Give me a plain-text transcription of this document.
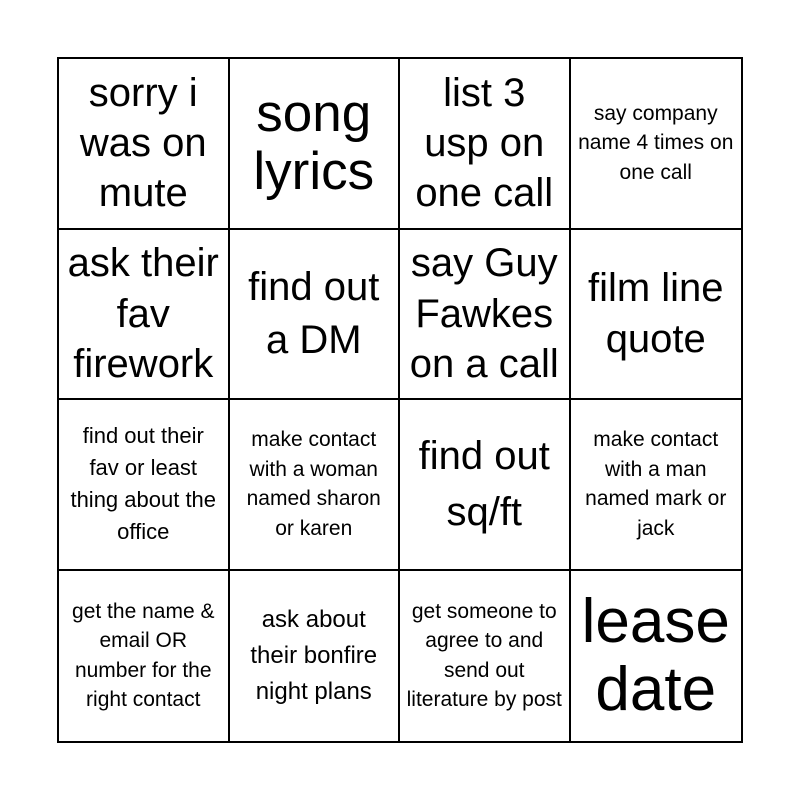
sorry i was on mute
song lyrics
list 3 usp on one call
say company name 4 times on one call
ask their fav firework
find out a DM
say Guy Fawkes on a call
film line quote
find out their fav or least thing about the office
make contact with a woman named sharon or karen
find out sq/ft
make contact with a man named mark or jack
get the name & email OR number for the right contact
ask about their bonfire night plans
get someone to agree to and send out literature by post
lease date
